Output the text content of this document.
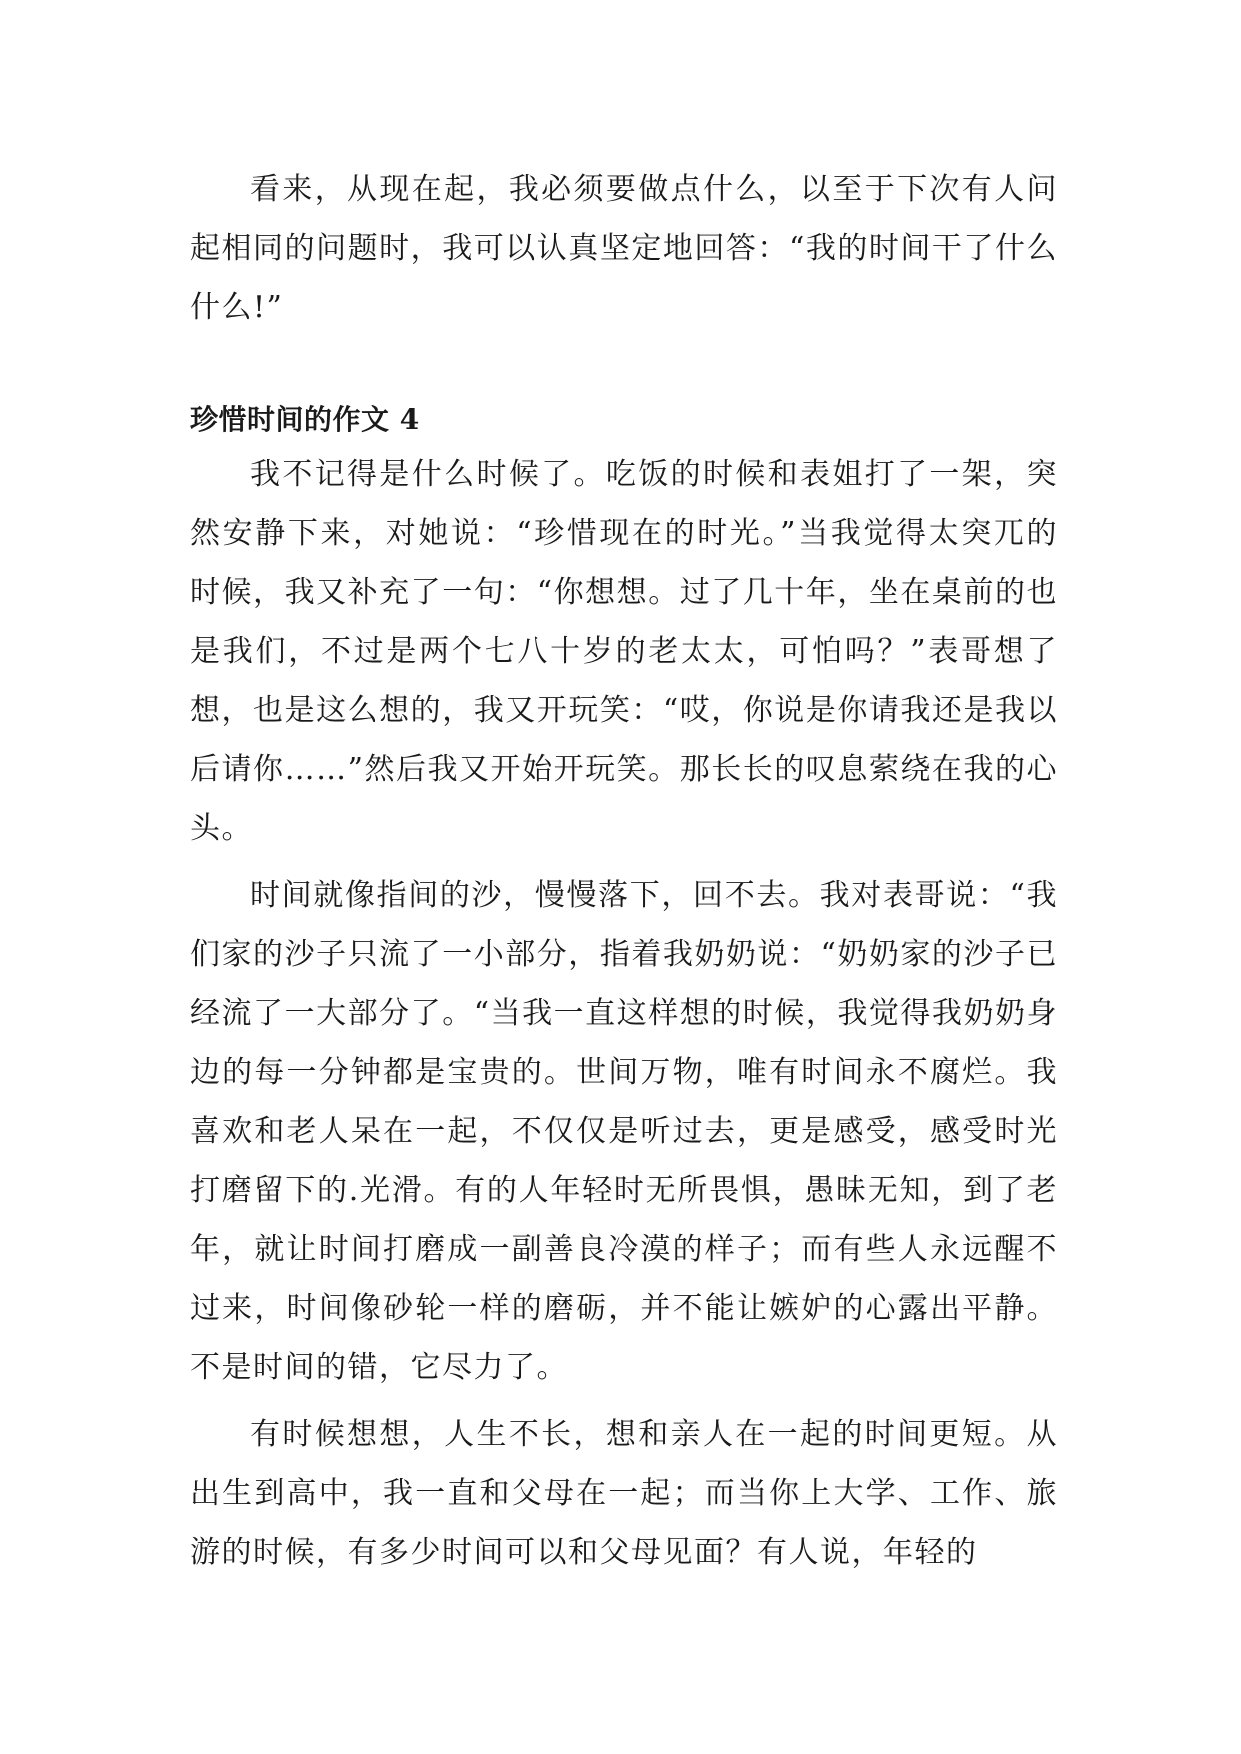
看来，从现在起，我必须要做点什么，以至于下次有人问起相同的问题时，我可以认真坚定地回答：“我的时间干了什么什么!”

珍惜时间的作文 4

我不记得是什么时候了。吃饭的时候和表姐打了一架，突然安静下来，对她说：“珍惜现在的时光。”当我觉得太突兀的时候，我又补充了一句：“你想想。过了几十年，坐在桌前的也是我们，不过是两个七八十岁的老太太，可怕吗？”表哥想了想，也是这么想的，我又开玩笑：“哎，你说是你请我还是我以后请你……”然后我又开始开玩笑。那长长的叹息萦绕在我的心头。

时间就像指间的沙，慢慢落下，回不去。我对表哥说：“我们家的沙子只流了一小部分，指着我奶奶说：“奶奶家的沙子已经流了一大部分了。“当我一直这样想的时候，我觉得我奶奶身边的每一分钟都是宝贵的。世间万物，唯有时间永不腐烂。我喜欢和老人呆在一起，不仅仅是听过去，更是感受，感受时光打磨留下的.光滑。有的人年轻时无所畏惧，愚昧无知，到了老年，就让时间打磨成一副善良冷漠的样子；而有些人永远醒不过来，时间像砂轮一样的磨砺，并不能让嫉妒的心露出平静。不是时间的错，它尽力了。

有时候想想，人生不长，想和亲人在一起的时间更短。从出生到高中，我一直和父母在一起；而当你上大学、工作、旅游的时候，有多少时间可以和父母见面？有人说，年轻的
